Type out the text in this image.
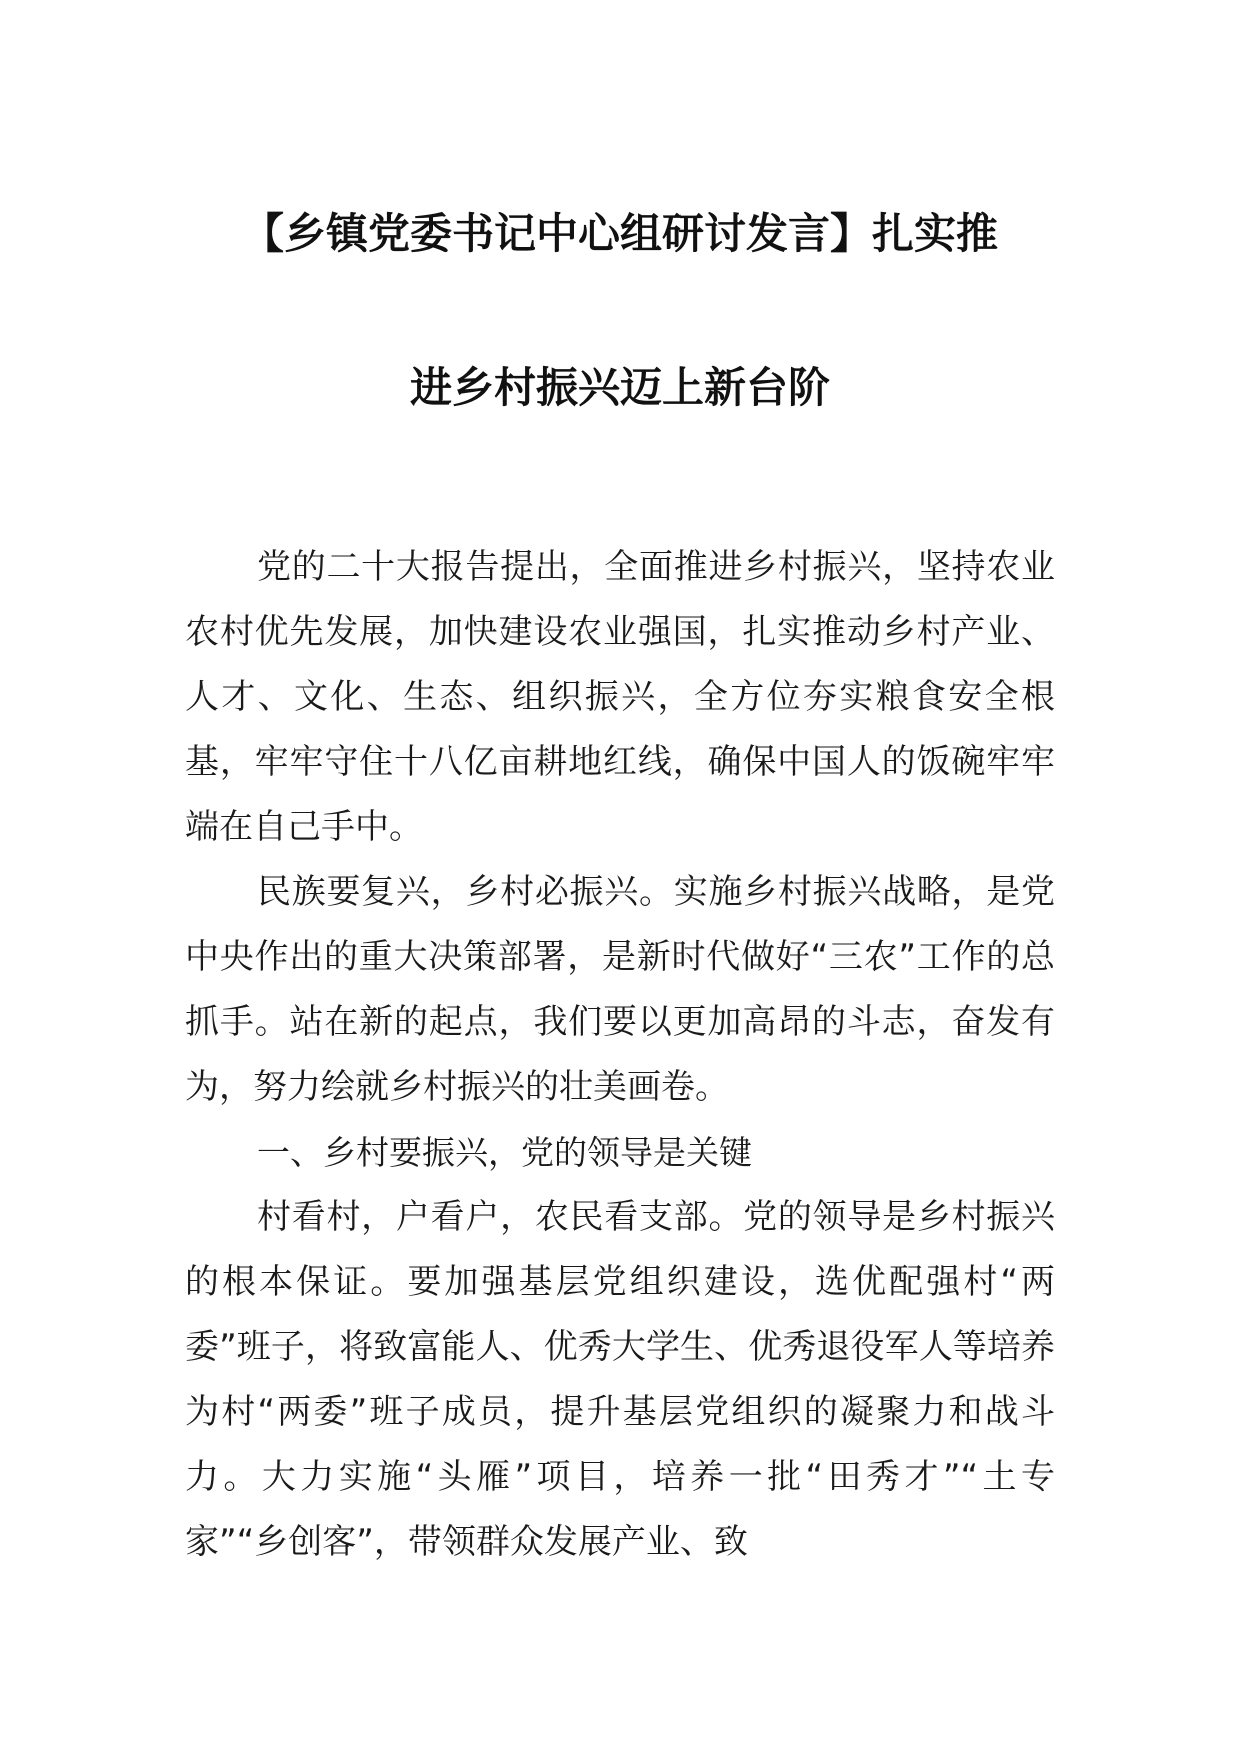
【乡镇党委书记中心组研讨发言】扎实推
进乡村振兴迈上新台阶

党的二十大报告提出，全面推进乡村振兴，坚持农业农村优先发展，加快建设农业强国，扎实推动乡村产业、人才、文化、生态、组织振兴，全方位夯实粮食安全根基，牢牢守住十八亿亩耕地红线，确保中国人的饭碗牢牢端在自己手中。

民族要复兴，乡村必振兴。实施乡村振兴战略，是党中央作出的重大决策部署，是新时代做好“三农”工作的总抓手。站在新的起点，我们要以更加高昂的斗志，奋发有为，努力绘就乡村振兴的壮美画卷。

一、乡村要振兴，党的领导是关键

村看村，户看户，农民看支部。党的领导是乡村振兴的根本保证。要加强基层党组织建设，选优配强村“两委”班子，将致富能人、优秀大学生、优秀退役军人等培养为村“两委”班子成员，提升基层党组织的凝聚力和战斗力。大力实施“头雁”项目，培养一批“田秀才”“土专家”“乡创客”，带领群众发展产业、致
